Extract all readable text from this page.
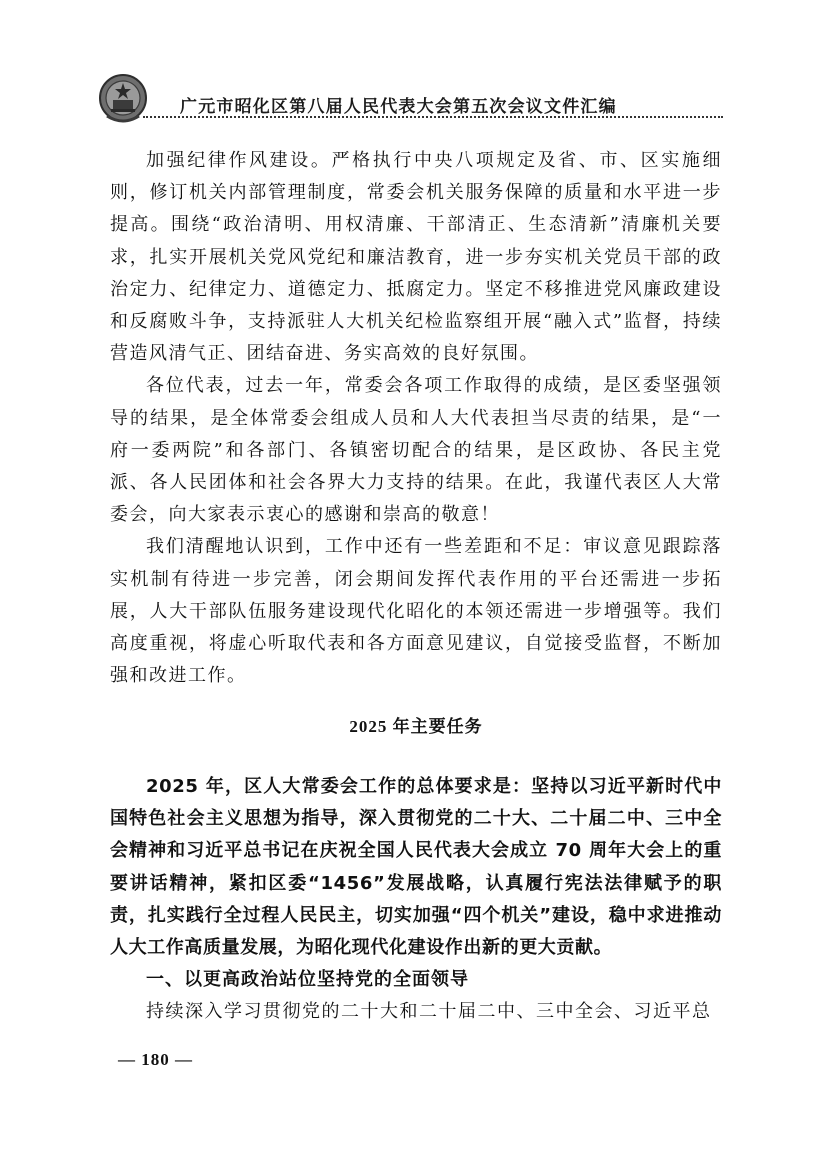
广元市昭化区第八届人民代表大会第五次会议文件汇编

加强纪律作风建设。严格执行中央八项规定及省、市、区实施细则，修订机关内部管理制度，常委会机关服务保障的质量和水平进一步提高。围绕“政治清明、用权清廉、干部清正、生态清新”清廉机关要求，扎实开展机关党风党纪和廉洁教育，进一步夯实机关党员干部的政治定力、纪律定力、道德定力、抵腐定力。坚定不移推进党风廉政建设和反腐败斗争，支持派驻人大机关纪检监察组开展“融入式”监督，持续营造风清气正、团结奋进、务实高效的良好氛围。

各位代表，过去一年，常委会各项工作取得的成绩，是区委坚强领导的结果，是全体常委会组成人员和人大代表担当尽责的结果，是“一府一委两院”和各部门、各镇密切配合的结果，是区政协、各民主党派、各人民团体和社会各界大力支持的结果。在此，我谨代表区人大常委会，向大家表示衷心的感谢和崇高的敬意！

我们清醒地认识到，工作中还有一些差距和不足：审议意见跟踪落实机制有待进一步完善，闭会期间发挥代表作用的平台还需进一步拓展，人大干部队伍服务建设现代化昭化的本领还需进一步增强等。我们高度重视，将虚心听取代表和各方面意见建议，自觉接受监督，不断加强和改进工作。

2025 年主要任务

2025 年，区人大常委会工作的总体要求是：坚持以习近平新时代中国特色社会主义思想为指导，深入贯彻党的二十大、二十届二中、三中全会精神和习近平总书记在庆祝全国人民代表大会成立 70 周年大会上的重要讲话精神，紧扣区委“1456”发展战略，认真履行宪法法律赋予的职责，扎实践行全过程人民民主，切实加强“四个机关”建设，稳中求进推动人大工作高质量发展，为昭化现代化建设作出新的更大贡献。

一、以更高政治站位坚持党的全面领导

持续深入学习贯彻党的二十大和二十届二中、三中全会、习近平总

— 180 —
